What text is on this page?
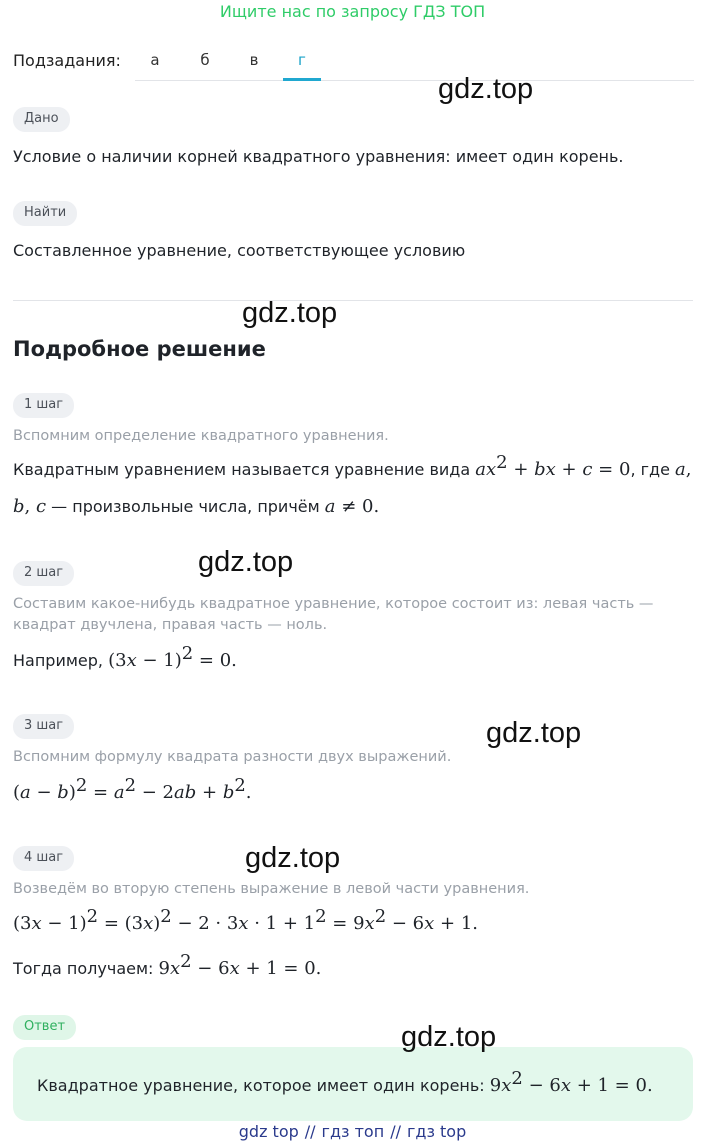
Ищите нас по запросу ГДЗ ТОП
Подзадания:	а	б	в	г
Дано
Условие о наличии корней квадратного уравнения: имеет один корень.
Найти
Составленное уравнение, соответствующее условию
Подробное решение
1 шаг
Вспомним определение квадратного уравнения.
Квадратным уравнением называется уравнение вида $ax^2$ + bx + c = 0, где a,
b, c — произвольные числа, причём a ≠ 0.
2 шаг
Составим какое-нибудь квадратное уравнение, которое состоит из: левая часть — квадрат двучлена, правая часть — ноль.
Например, $(3x - 1)^2 = 0$.
3 шаг
Вспомним формулу квадрата разности двух выражений.
$(a - b)^2 = a^2 - 2ab + b^2$.
4 шаг
Возведём во вторую степень выражение в левой части уравнения.
$(3x - 1)^2 = (3x)^2 - 2 \cdot 3x \cdot 1 + 1^2 = 9x^2 - 6x + 1$.
Тогда получаем: $9x^2 - 6x + 1 = 0$.
Ответ
Квадратное уравнение, которое имеет один корень: $9x^2 - 6x + 1 = 0$.
gdz.top
gdz.top
gdz.top
gdz.top
gdz.top
gdz.top
gdz top // гдз топ // гдз top
